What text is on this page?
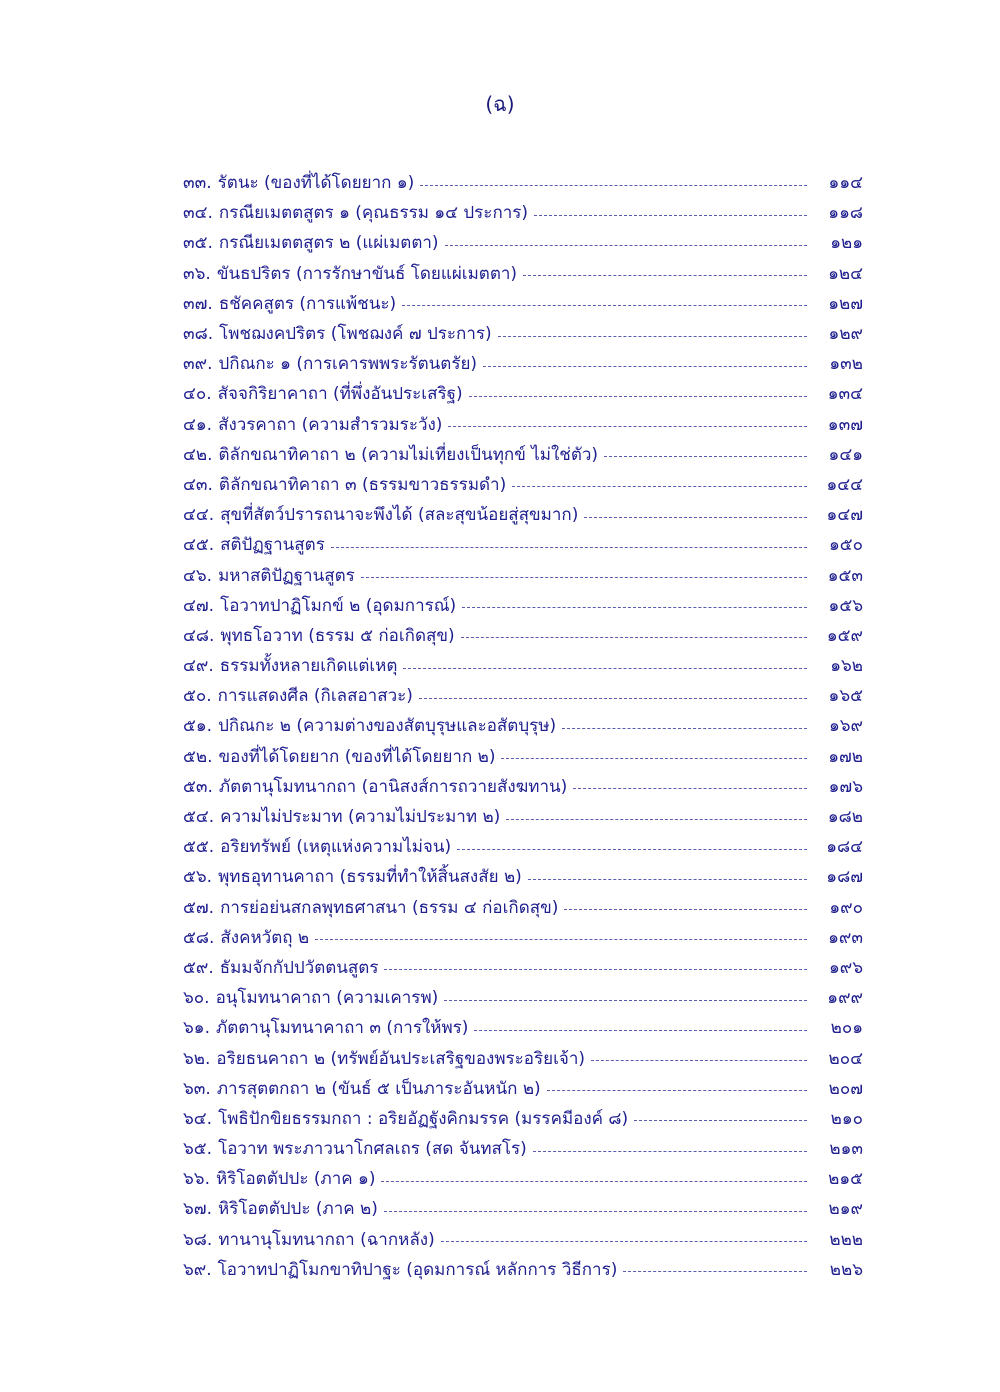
(ฉ)
๓๓. รัตนะ (ของที่ได้โดยยาก ๑)	๑๑๔
๓๔. กรณียเมตตสูตร ๑ (คุณธรรม ๑๔ ประการ)	๑๑๘
๓๕. กรณียเมตตสูตร ๒ (แผ่เมตตา)	๑๒๑
๓๖. ขันธปริตร (การรักษาขันธ์ โดยแผ่เมตตา)	๑๒๔
๓๗. ธชัคคสูตร (การแพ้ชนะ)	๑๒๗
๓๘. โพชฌงคปริตร (โพชฌงค์ ๗ ประการ)	๑๒๙
๓๙. ปกิณกะ ๑ (การเคารพพระรัตนตรัย)	๑๓๒
๔๐. สัจจกิริยาคาถา (ที่พึ่งอันประเสริฐ)	๑๓๔
๔๑. สังวรคาถา (ความสำรวมระวัง)	๑๓๗
๔๒. ติลักขณาทิคาถา ๒ (ความไม่เที่ยงเป็นทุกข์ ไม่ใช่ตัว)	๑๔๑
๔๓. ติลักขณาทิคาถา ๓ (ธรรมขาวธรรมดำ)	๑๔๔
๔๔. สุขที่สัตว์ปรารถนาจะพึงได้ (สละสุขน้อยสู่สุขมาก)	๑๔๗
๔๕. สติปัฏฐานสูตร	๑๕๐
๔๖. มหาสติปัฏฐานสูตร	๑๕๓
๔๗. โอวาทปาฏิโมกข์ ๒ (อุดมการณ์)	๑๕๖
๔๘. พุทธโอวาท (ธรรม ๕ ก่อเกิดสุข)	๑๕๙
๔๙. ธรรมทั้งหลายเกิดแต่เหตุ	๑๖๒
๕๐. การแสดงศีล (กิเลสอาสวะ)	๑๖๕
๕๑. ปกิณกะ ๒ (ความต่างของสัตบุรุษและอสัตบุรุษ)	๑๖๙
๕๒. ของที่ได้โดยยาก (ของที่ได้โดยยาก ๒)	๑๗๒
๕๓. ภัตตานุโมทนากถา (อานิสงส์การถวายสังฆทาน)	๑๗๖
๕๔. ความไม่ประมาท (ความไม่ประมาท ๒)	๑๘๒
๕๕. อริยทรัพย์ (เหตุแห่งความไม่จน)	๑๘๔
๕๖. พุทธอุทานคาถา (ธรรมที่ทำให้สิ้นสงสัย ๒)	๑๘๗
๕๗. การย่อย่นสกลพุทธศาสนา (ธรรม ๔ ก่อเกิดสุข)	๑๙๐
๕๘. สังคหวัตถุ ๒	๑๙๓
๕๙. ธัมมจักกัปปวัตตนสูตร	๑๙๖
๖๐. อนุโมทนาคาถา (ความเคารพ)	๑๙๙
๖๑. ภัตตานุโมทนาคาถา ๓ (การให้พร)	๒๐๑
๖๒. อริยธนคาถา ๒ (ทรัพย์อันประเสริฐของพระอริยเจ้า)	๒๐๔
๖๓. ภารสุตตกถา ๒ (ขันธ์ ๕ เป็นภาระอันหนัก ๒)	๒๐๗
๖๔. โพธิปักขิยธรรมกถา : อริยอัฏฐังคิกมรรค (มรรคมีองค์ ๘)	๒๑๐
๖๕. โอวาท พระภาวนาโกศลเถร (สด จันทสโร)	๒๑๓
๖๖. หิริโอตตัปปะ (ภาค ๑)	๒๑๕
๖๗. หิริโอตตัปปะ (ภาค ๒)	๒๑๙
๖๘. ทานานุโมทนากถา (ฉากหลัง)	๒๒๒
๖๙. โอวาทปาฏิโมกขาทิปาฐะ (อุดมการณ์ หลักการ วิธีการ)	๒๒๖
